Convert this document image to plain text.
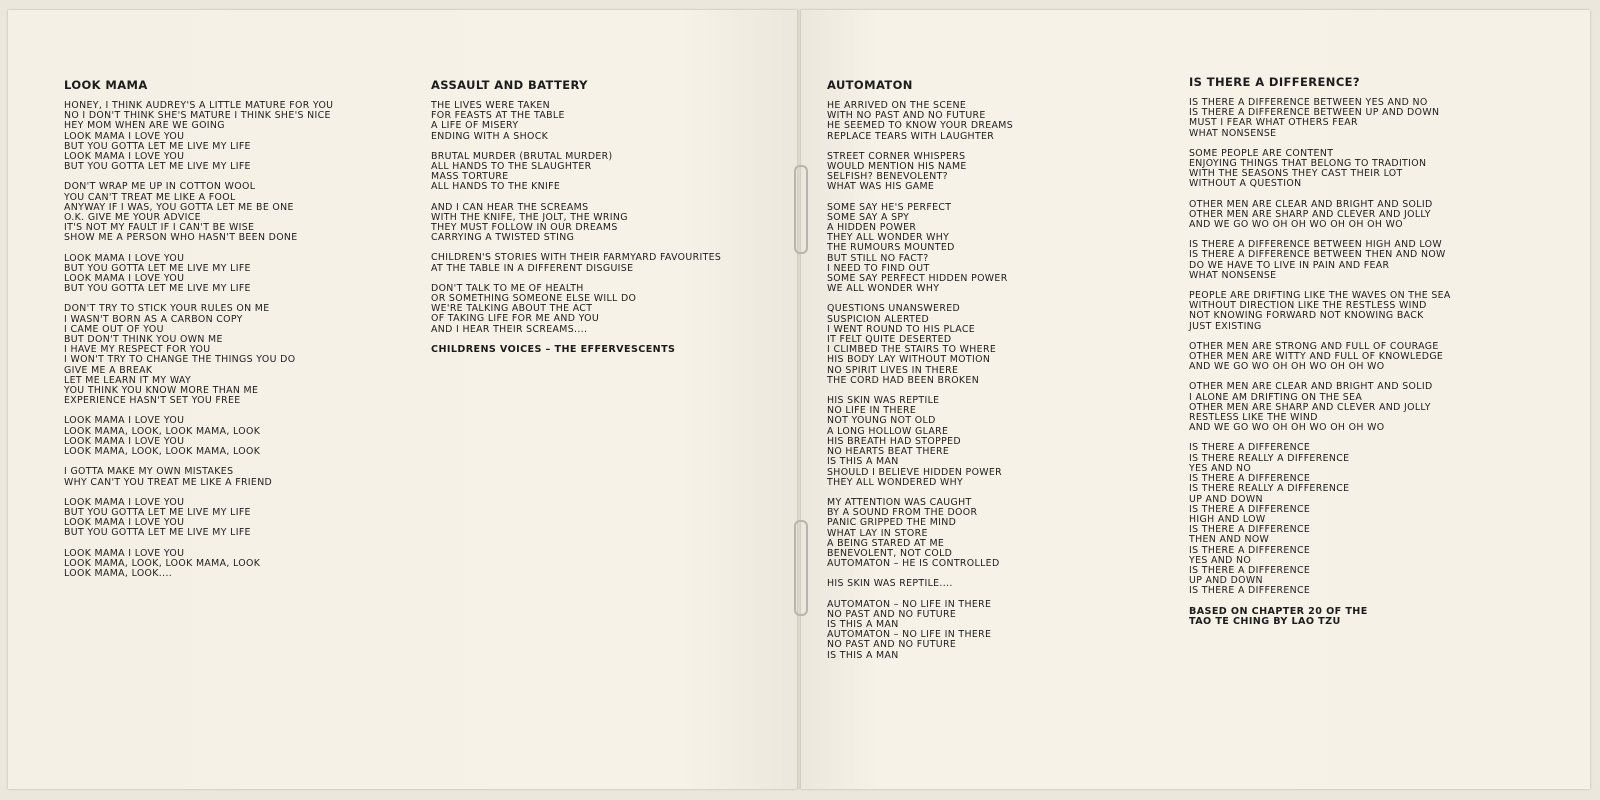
LOOK MAMA
HONEY, I THINK AUDREY'S A LITTLE MATURE FOR YOU
NO I DON'T THINK SHE'S MATURE I THINK SHE'S NICE
HEY MOM WHEN ARE WE GOING
LOOK MAMA I LOVE YOU
BUT YOU GOTTA LET ME LIVE MY LIFE
LOOK MAMA I LOVE YOU
BUT YOU GOTTA LET ME LIVE MY LIFE
DON'T WRAP ME UP IN COTTON WOOL
YOU CAN'T TREAT ME LIKE A FOOL
ANYWAY IF I WAS, YOU GOTTA LET ME BE ONE
O.K. GIVE ME YOUR ADVICE
IT'S NOT MY FAULT IF I CAN'T BE WISE
SHOW ME A PERSON WHO HASN'T BEEN DONE
LOOK MAMA I LOVE YOU
BUT YOU GOTTA LET ME LIVE MY LIFE
LOOK MAMA I LOVE YOU
BUT YOU GOTTA LET ME LIVE MY LIFE
DON'T TRY TO STICK YOUR RULES ON ME
I WASN'T BORN AS A CARBON COPY
I CAME OUT OF YOU
BUT DON'T THINK YOU OWN ME
I HAVE MY RESPECT FOR YOU
I WON'T TRY TO CHANGE THE THINGS YOU DO
GIVE ME A BREAK
LET ME LEARN IT MY WAY
YOU THINK YOU KNOW MORE THAN ME
EXPERIENCE HASN'T SET YOU FREE
LOOK MAMA I LOVE YOU
LOOK MAMA, LOOK, LOOK MAMA, LOOK
LOOK MAMA I LOVE YOU
LOOK MAMA, LOOK, LOOK MAMA, LOOK
I GOTTA MAKE MY OWN MISTAKES
WHY CAN'T YOU TREAT ME LIKE A FRIEND
LOOK MAMA I LOVE YOU
BUT YOU GOTTA LET ME LIVE MY LIFE
LOOK MAMA I LOVE YOU
BUT YOU GOTTA LET ME LIVE MY LIFE
LOOK MAMA I LOVE YOU
LOOK MAMA, LOOK, LOOK MAMA, LOOK
LOOK MAMA, LOOK....
ASSAULT AND BATTERY
THE LIVES WERE TAKEN
FOR FEASTS AT THE TABLE
A LIFE OF MISERY
ENDING WITH A SHOCK
BRUTAL MURDER (BRUTAL MURDER)
ALL HANDS TO THE SLAUGHTER
MASS TORTURE
ALL HANDS TO THE KNIFE
AND I CAN HEAR THE SCREAMS
WITH THE KNIFE, THE JOLT, THE WRING
THEY MUST FOLLOW IN OUR DREAMS
CARRYING A TWISTED STING
CHILDREN'S STORIES WITH THEIR FARMYARD FAVOURITES
AT THE TABLE IN A DIFFERENT DISGUISE
DON'T TALK TO ME OF HEALTH
OR SOMETHING SOMEONE ELSE WILL DO
WE'RE TALKING ABOUT THE ACT
OF TAKING LIFE FOR ME AND YOU
AND I HEAR THEIR SCREAMS....
CHILDRENS VOICES – THE EFFERVESCENTS
AUTOMATON
HE ARRIVED ON THE SCENE
WITH NO PAST AND NO FUTURE
HE SEEMED TO KNOW YOUR DREAMS
REPLACE TEARS WITH LAUGHTER
STREET CORNER WHISPERS
WOULD MENTION HIS NAME
SELFISH? BENEVOLENT?
WHAT WAS HIS GAME
SOME SAY HE'S PERFECT
SOME SAY A SPY
A HIDDEN POWER
THEY ALL WONDER WHY
THE RUMOURS MOUNTED
BUT STILL NO FACT?
I NEED TO FIND OUT
SOME SAY PERFECT HIDDEN POWER
WE ALL WONDER WHY
QUESTIONS UNANSWERED
SUSPICION ALERTED
I WENT ROUND TO HIS PLACE
IT FELT QUITE DESERTED
I CLIMBED THE STAIRS TO WHERE
HIS BODY LAY WITHOUT MOTION
NO SPIRIT LIVES IN THERE
THE CORD HAD BEEN BROKEN
HIS SKIN WAS REPTILE
NO LIFE IN THERE
NOT YOUNG NOT OLD
A LONG HOLLOW GLARE
HIS BREATH HAD STOPPED
NO HEARTS BEAT THERE
IS THIS A MAN
SHOULD I BELIEVE HIDDEN POWER
THEY ALL WONDERED WHY
MY ATTENTION WAS CAUGHT
BY A SOUND FROM THE DOOR
PANIC GRIPPED THE MIND
WHAT LAY IN STORE
A BEING STARED AT ME
BENEVOLENT, NOT COLD
AUTOMATON – HE IS CONTROLLED
HIS SKIN WAS REPTILE....
AUTOMATON – NO LIFE IN THERE
NO PAST AND NO FUTURE
IS THIS A MAN
AUTOMATON – NO LIFE IN THERE
NO PAST AND NO FUTURE
IS THIS A MAN
IS THERE A DIFFERENCE?
IS THERE A DIFFERENCE BETWEEN YES AND NO
IS THERE A DIFFERENCE BETWEEN UP AND DOWN
MUST I FEAR WHAT OTHERS FEAR
WHAT NONSENSE
SOME PEOPLE ARE CONTENT
ENJOYING THINGS THAT BELONG TO TRADITION
WITH THE SEASONS THEY CAST THEIR LOT
WITHOUT A QUESTION
OTHER MEN ARE CLEAR AND BRIGHT AND SOLID
OTHER MEN ARE SHARP AND CLEVER AND JOLLY
AND WE GO WO OH OH WO OH OH OH WO
IS THERE A DIFFERENCE BETWEEN HIGH AND LOW
IS THERE A DIFFERENCE BETWEEN THEN AND NOW
DO WE HAVE TO LIVE IN PAIN AND FEAR
WHAT NONSENSE
PEOPLE ARE DRIFTING LIKE THE WAVES ON THE SEA
WITHOUT DIRECTION LIKE THE RESTLESS WIND
NOT KNOWING FORWARD NOT KNOWING BACK
JUST EXISTING
OTHER MEN ARE STRONG AND FULL OF COURAGE
OTHER MEN ARE WITTY AND FULL OF KNOWLEDGE
AND WE GO WO OH OH WO OH OH WO
OTHER MEN ARE CLEAR AND BRIGHT AND SOLID
I ALONE AM DRIFTING ON THE SEA
OTHER MEN ARE SHARP AND CLEVER AND JOLLY
RESTLESS LIKE THE WIND
AND WE GO WO OH OH WO OH OH WO
IS THERE A DIFFERENCE
IS THERE REALLY A DIFFERENCE
YES AND NO
IS THERE A DIFFERENCE
IS THERE REALLY A DIFFERENCE
UP AND DOWN
IS THERE A DIFFERENCE
HIGH AND LOW
IS THERE A DIFFERENCE
THEN AND NOW
IS THERE A DIFFERENCE
YES AND NO
IS THERE A DIFFERENCE
UP AND DOWN
IS THERE A DIFFERENCE
BASED ON CHAPTER 20 OF THE
TAO TE CHING BY LAO TZU
